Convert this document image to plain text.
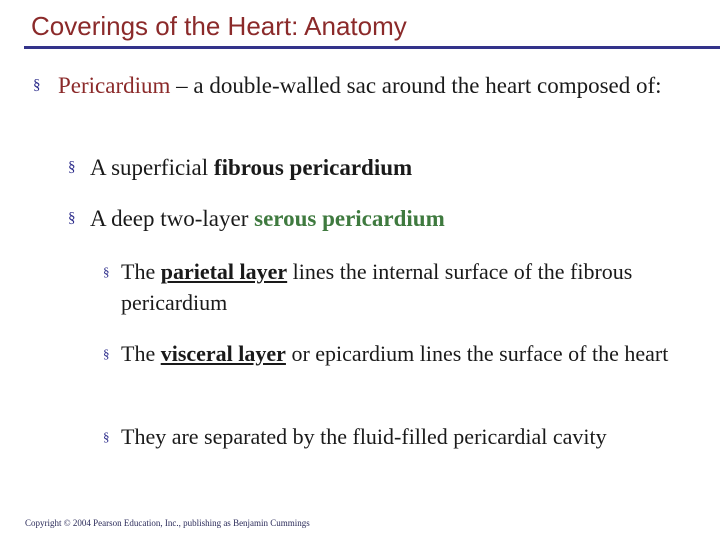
Coverings of the Heart: Anatomy
§ Pericardium – a double-walled sac around the heart composed of:
§ A superficial fibrous pericardium
§ A deep two-layer serous pericardium
§ The parietal layer lines the internal surface of the fibrous pericardium
§ The visceral layer or epicardium lines the surface of the heart
§ They are separated by the fluid-filled pericardial cavity
Copyright © 2004 Pearson Education, Inc., publishing as Benjamin Cummings
